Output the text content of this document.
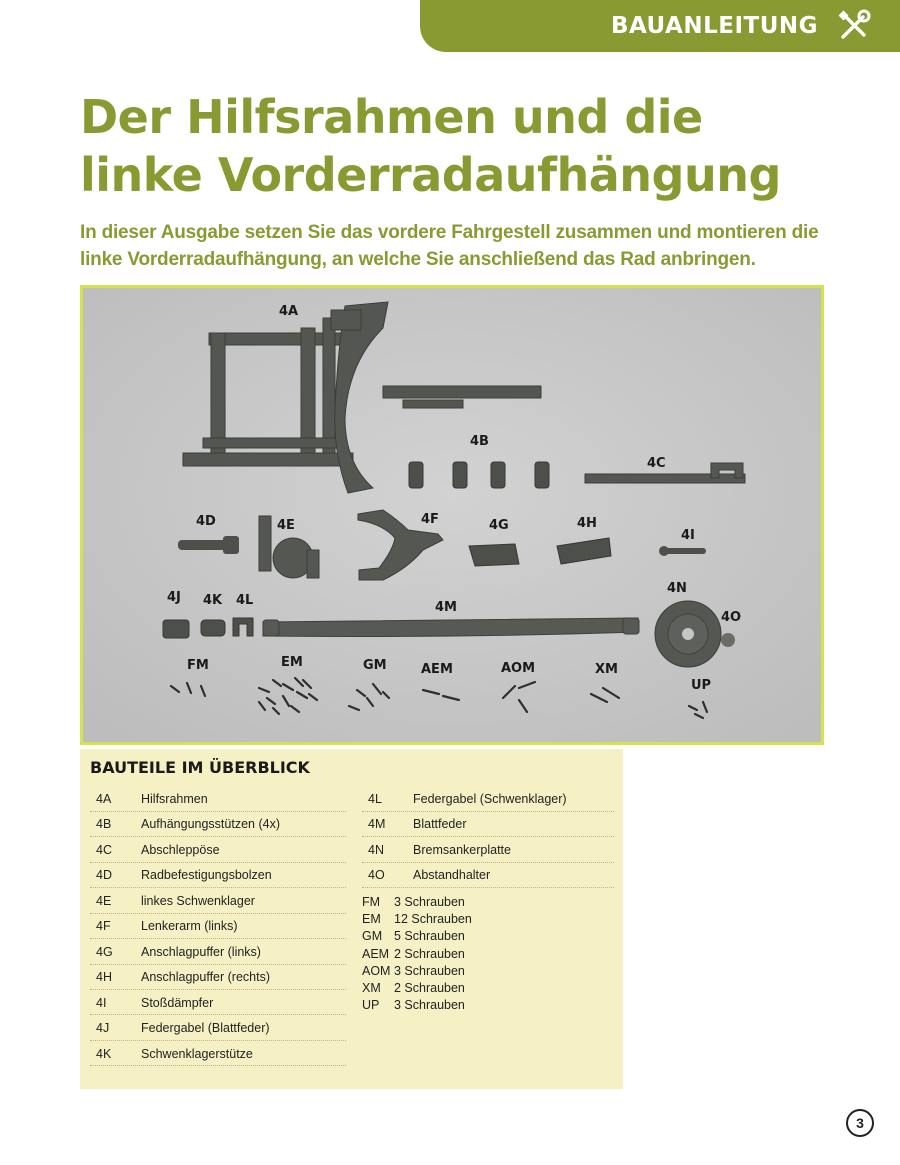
BAUANLEITUNG
Der Hilfsrahmen und die
linke Vorderradaufhängung

In dieser Ausgabe setzen Sie das vordere Fahrgestell zusammen und montieren die linke Vorderradaufhängung, an welche Sie anschließend das Rad anbringen.

4A
4B
4C
4D	4E	4F	4G	4H
4I
4N
4O
4J 4K 4L	4M
FM	EM	GM	AEM	AOM	XM
UP
BAUTEILE IM ÜBERBLICK
4A	Hilfsrahmen
4B	Aufhängungsstützen (4x)
4C	Abschleppöse
4D	Radbefestigungsbolzen
4E	linkes Schwenklager
4F	Lenkerarm (links)
4G	Anschlagpuffer (links)
4H	Anschlagpuffer (rechts)
4I	Stoßdämpfer
4J	Federgabel (Blattfeder)
4K	Schwenklagerstütze
4L	Federgabel (Schwenklager)
4M	Blattfeder
4N	Bremsankerplatte
4O	Abstandhalter
FM	3 Schrauben
EM	12 Schrauben
GM 5 Schrauben
AEM 2 Schrauben
AOM 3 Schrauben
XM	2 Schrauben
UP	3 Schrauben
3
